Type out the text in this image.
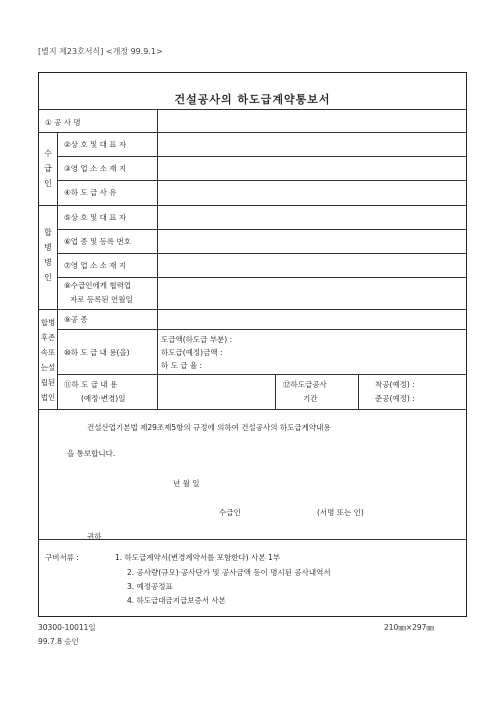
[별지 제23호서식] <개정 99.9.1>
건설공사의 하도급계약통보서
① 공 사 명
수
급
인
②상 호 및 대 표 자
③영 업 소 소 재 지
④하 도 급 사 유
합
병
병
인
⑤상 호 및 대 표 자
⑥업 종 및 등록 번호
⑦영 업 소 소 재 지
⑧수급인에게 협력업
자로 등록된 연월일
합병
후존
속또
는설
립된
법인
⑨공 종
⑩하 도 급 내 용(을)
도급액(하도급 부분) :
하도급(예정)금액 :
하 도 급 율 :
⑪하 도 급 내 용
(예정·변경)일
⑫하도급공사
기간
착공(예정) :
준공(예정) :
건설산업기본법 제29조제5항의 규정에 의하여 건설공사의 하도급계약내용
을 통보합니다.
년 월 일
수급인	(서명 또는 인)
귀하
구비서류 :	1. 하도급계약서(변경계약서를 포함한다) 사본 1부
2. 공사량(규모)·공사단가 및 공사금액 등이 명시된 공사내역서
3. 예정공정표
4. 하도급대금지급보증서 사본
30300-10011일
99.7.8 승인
210㎜×297㎜
